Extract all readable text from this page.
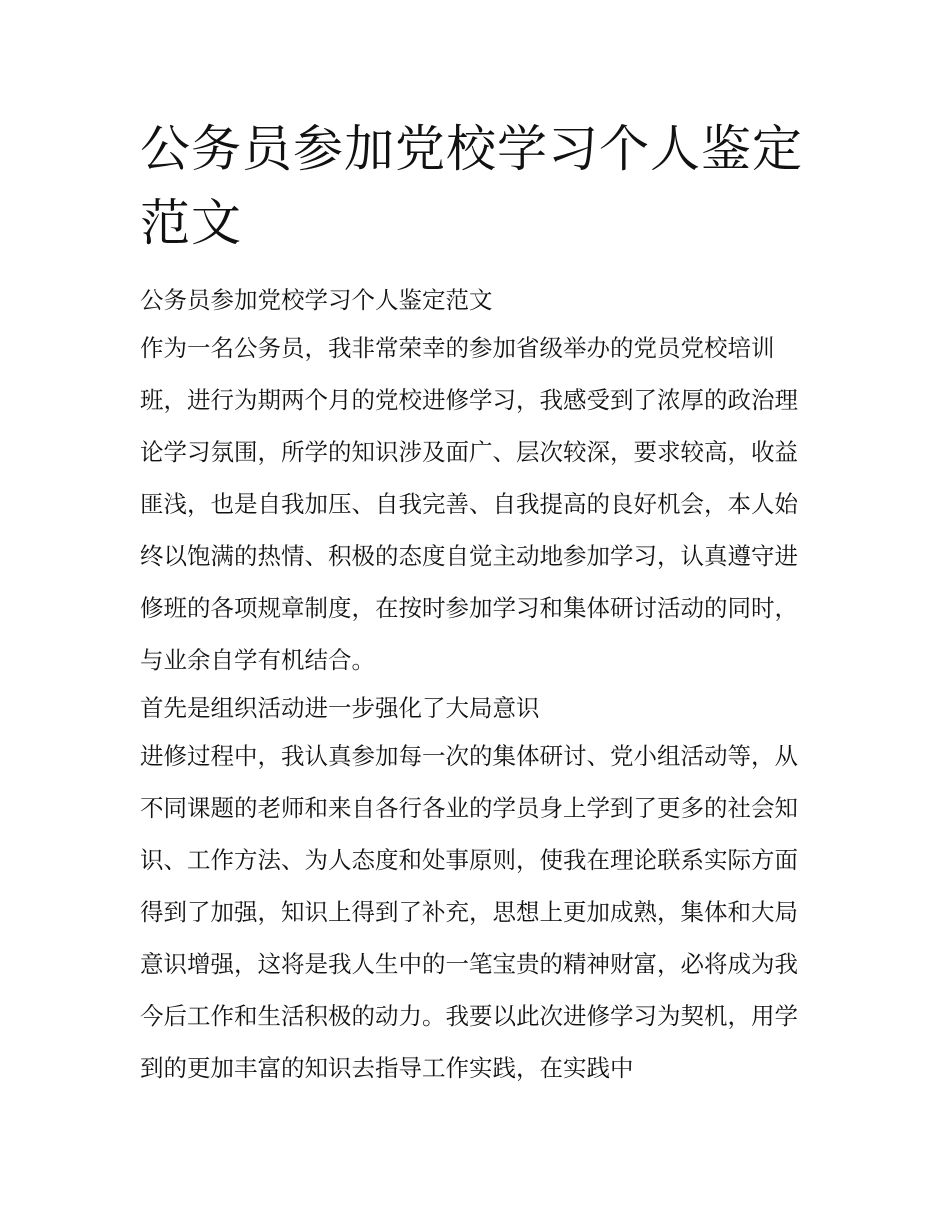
公务员参加党校学习个人鉴定范文

公务员参加党校学习个人鉴定范文

作为一名公务员，我非常荣幸的参加省级举办的党员党校培训班，进行为期两个月的党校进修学习，我感受到了浓厚的政治理论学习氛围，所学的知识涉及面广、层次较深，要求较高，收益匪浅，也是自我加压、自我完善、自我提高的良好机会，本人始终以饱满的热情、积极的态度自觉主动地参加学习，认真遵守进修班的各项规章制度，在按时参加学习和集体研讨活动的同时，与业余自学有机结合。

首先是组织活动进一步强化了大局意识

进修过程中，我认真参加每一次的集体研讨、党小组活动等，从不同课题的老师和来自各行各业的学员身上学到了更多的社会知识、工作方法、为人态度和处事原则，使我在理论联系实际方面得到了加强，知识上得到了补充，思想上更加成熟，集体和大局意识增强，这将是我人生中的一笔宝贵的精神财富，必将成为我今后工作和生活积极的动力。我要以此次进修学习为契机，用学到的更加丰富的知识去指导工作实践，在实践中
